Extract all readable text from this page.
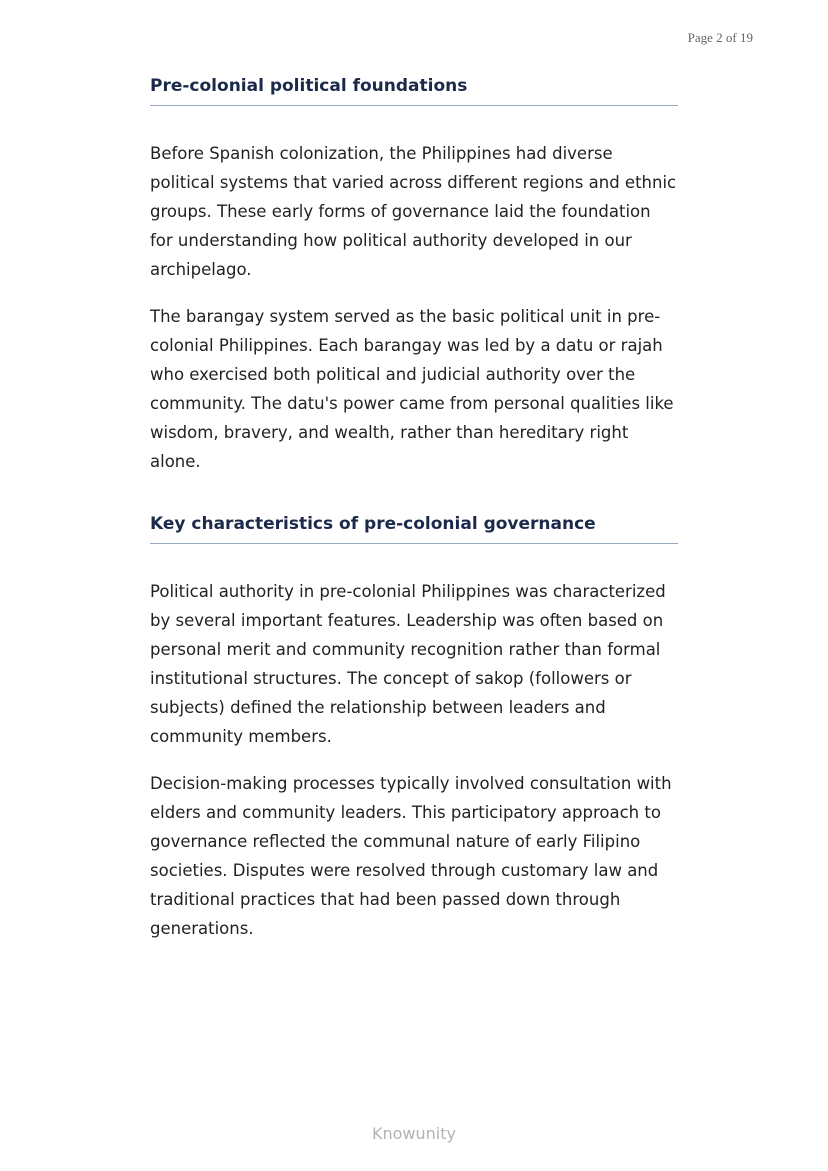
Page 2 of 19
Pre-colonial political foundations

Before Spanish colonization, the Philippines had diverse political systems that varied across different regions and ethnic groups. These early forms of governance laid the foundation for understanding how political authority developed in our archipelago.

The barangay system served as the basic political unit in pre-colonial Philippines. Each barangay was led by a datu or rajah who exercised both political and judicial authority over the community. The datu's power came from personal qualities like wisdom, bravery, and wealth, rather than hereditary right alone.

Key characteristics of pre-colonial governance

Political authority in pre-colonial Philippines was characterized by several important features. Leadership was often based on personal merit and community recognition rather than formal institutional structures. The concept of sakop (followers or subjects) defined the relationship between leaders and community members.

Decision-making processes typically involved consultation with elders and community leaders. This participatory approach to governance reflected the communal nature of early Filipino societies. Disputes were resolved through customary law and traditional practices that had been passed down through generations.

Knowunity
